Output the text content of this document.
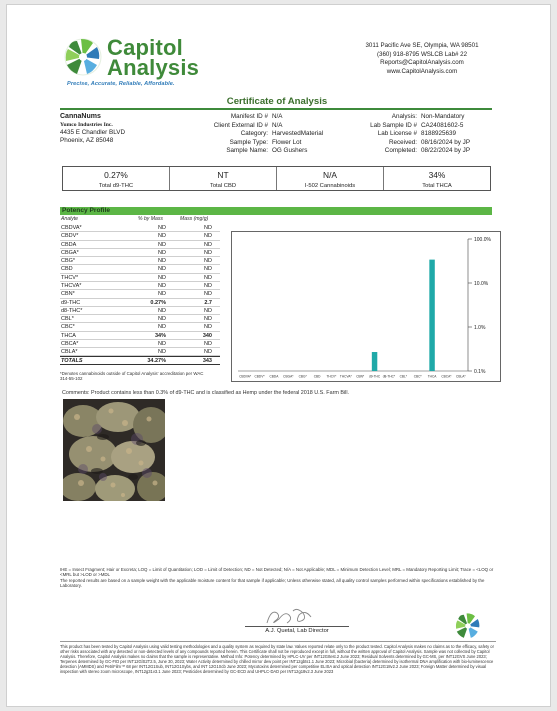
Capitol
Analysis
Precise, Accurate, Reliable, Affordable.
3011 Pacific Ave SE, Olympia, WA 98501
(360) 918-8795 WSLCB Lab# 22
Reports@CapitolAnalysis.com
www.CapitolAnalysis.com
Certificate of Analysis
CannaNums
Yumco Industries Inc.
4435 E Chandler BLVD
Phoenix, AZ 85048
Manifest ID # N/A
Client External ID # N/A
Category: HarvestedMaterial
Sample Type: Flower Lot
Sample Name: OG Gushers
Analysis: Non-Mandatory
Lab Sample ID # CA24081602-5
Lab License # 8188925639
Received: 08/16/2024 by JP
Completed: 08/22/2024 by JP
0.27%
Total d9-THC
NT
Total CBD
N/A
I-502 Cannabinoids
34%
Total THCA
Potency Profile
Analyte	% by Mass	Mass (mg/g)
CBDVA*	ND	ND
CBDV*	ND	ND
CBDA	ND	ND
CBGA*	ND	ND
CBG*	ND	ND
CBD	ND	ND
THCV*	ND	ND
THCVA*	ND	ND
CBN*	ND	ND
d9-THC	0.27%	2.7
d8-THC*	ND	ND
CBL*	ND	ND
CBC*	ND	ND
THCA	34%	340
CBCA*	ND	ND
CBLA*	ND	ND
TOTALS	34.27%	343
*Denotes cannabinoids outside of Capitol Analysis' accreditation per WAC 314-55-102
0.1%
1.0%
10.0%
100.0%
CBDVA* CBDV* CBDA CBGA* CBG* CBD THCV* THCVA* CBN* d9-THC d8-THC* CBL* CBC* THCA CBCA* CBLA*
Comments: Product contains less than 0.3% of d9-THC and is classified as Hemp under the federal 2018 U.S. Farm Bill.
IHE = Insect Fragment; Hair or Excreta; LOQ = Limit of Quantitation; LOD = Limit of Detection; ND = Not Detected; N/A = Not Applicable; MDL = Minimum Detection Level; MRL = Mandatory Reporting Limit; Trace = <LOQ or <MRL but >LOD or >MDL
The reported results are based on a sample weight with the applicable moisture content for that sample if applicable; Unless otherwise stated, all quality control samples performed within specifications established by the Laboratory.
A.J. Quetal, Lab Director
This product has been tested by Capitol Analysis using valid testing methodologies and a quality system as required by state law. Values reported relate only to the product tested. Capitol Analysis makes no claims as to the efficacy, safety or other risks associated with any detected or non-detected levels of any compounds reported herein. This Certificate shall not be reproduced except in full, without the written approval of Capitol Analysis. Sample was not collected by Capitol Analysis. Therefore, Capitol Analysis makes no claims that the sample is representative. Method Info: Potency determined by HPLC-UV per INT12GItest.2 June 2023; Residual Solvents determined by GC-MS, per INT12GVS June 2023; Terpenes determined by GC-FID per INT12GlS2T2.5, June 30, 2023; Water Activity determined by chilled mirror dew point per INT12gbts1.1 June 2023; Microbial (bacteria) determined by isothermal DNA amplification with bio-luminescence detection (AMMDS) and PetriFilm™ 68 per INT12G1Sub, INT12G1Sybs, and INT 12G1Scb June 2023; Mycotoxins determined per competitive ELISA and optical detection INT12G18v2.2 June 2023; Foreign Matter determined by visual inspection with stereo zoom microscope, INT12g31v3.1 June 2023; Pesticides determined by GC-ECD and UHPLC-DAD per INT12g18v2.3 June 2023
